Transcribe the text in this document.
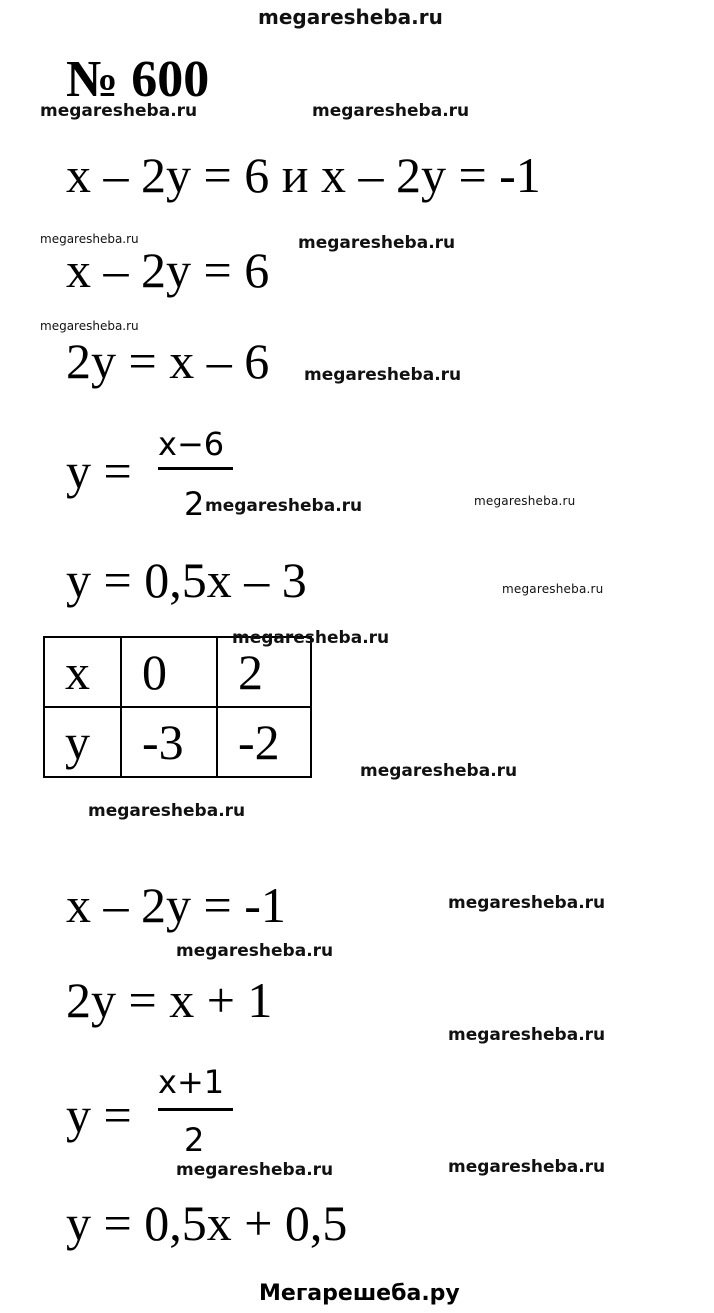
megaresheba.ru
№ 600
megaresheba.ru	megaresheba.ru
x – 2y = 6 и x – 2y = -1
megaresheba.ru
x – 2y = 6 megaresheba.ru
megaresheba.ru
2y = x – 6 megaresheba.ru
y = x−6
2 megaresheba.ru	megaresheba.ru
y = 0,5x – 3	megaresheba.ru
x	0	2
y	-3	-2
megaresheba.ru
megaresheba.ru
megaresheba.ru
x – 2y = -1	megaresheba.ru
megaresheba.ru
2y = x + 1
megaresheba.ru
y =
x+1
2
megaresheba.ru	megaresheba.ru
y = 0,5x + 0,5
Мегарешеба.ру
